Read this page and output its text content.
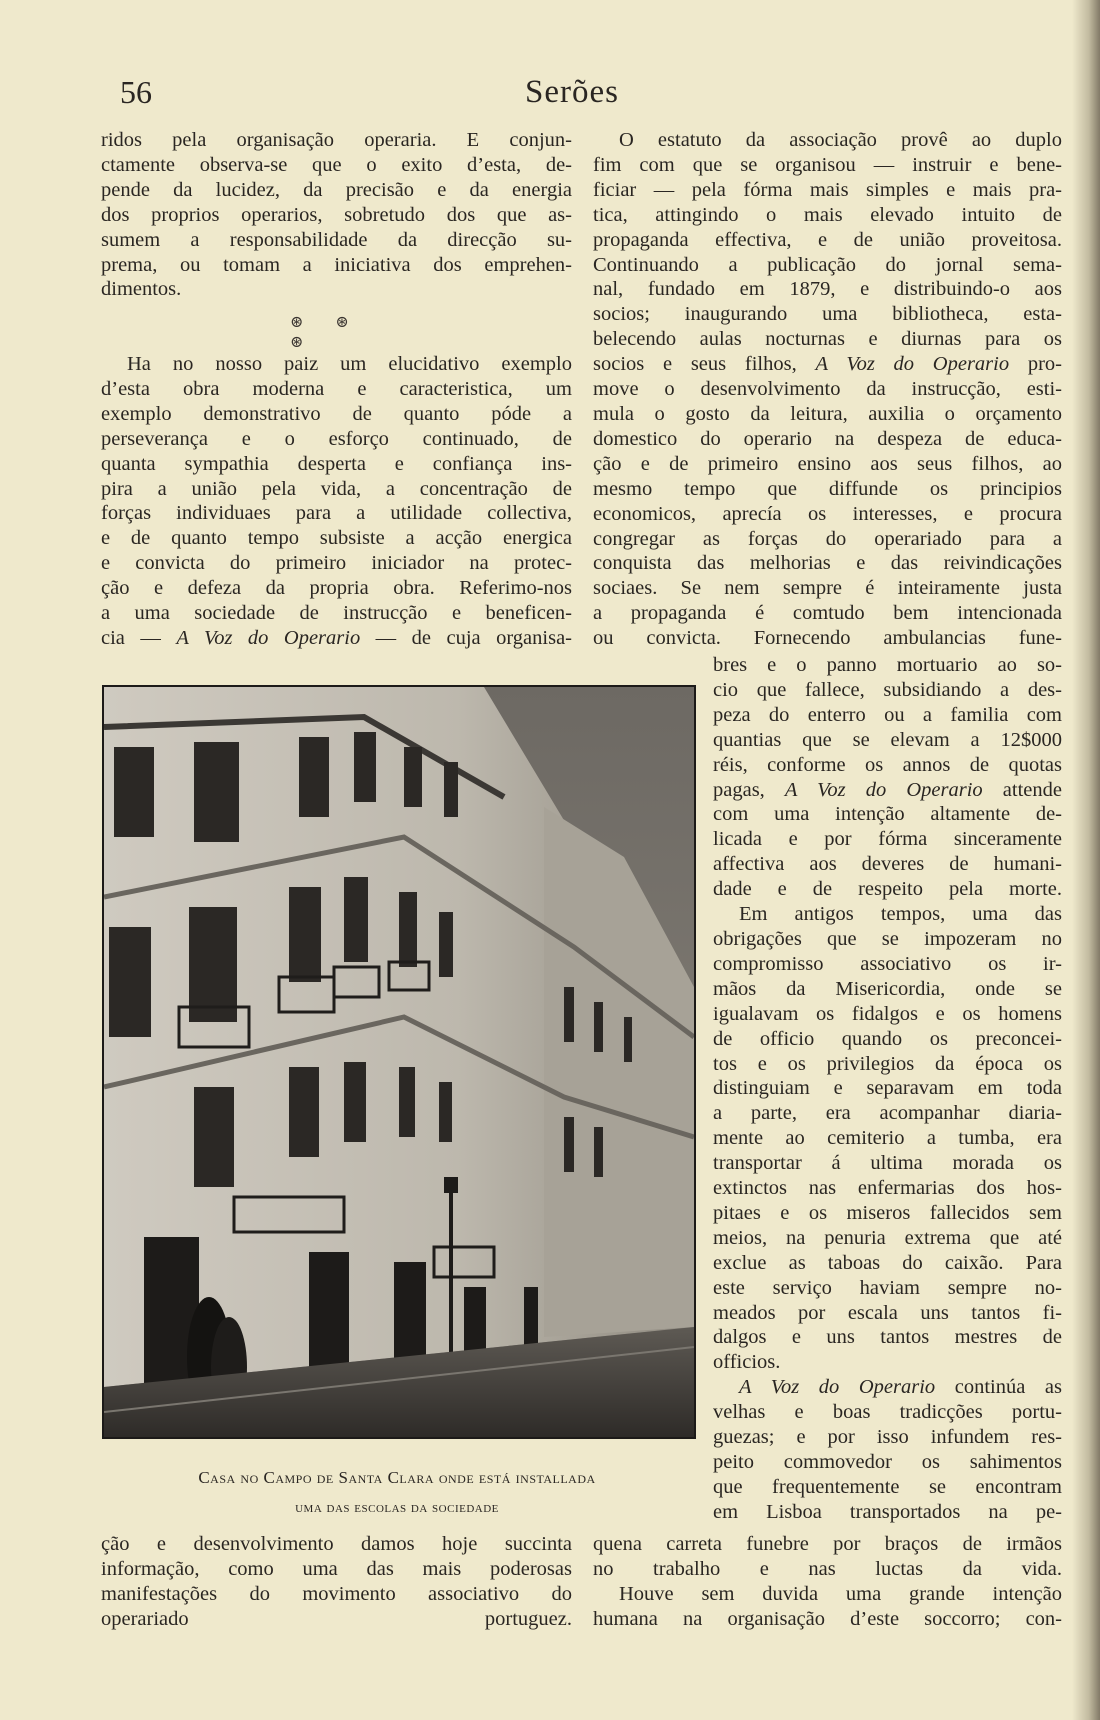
56	Serões

ridos pela organisação operaria. E conjun-
ctamente observa-se que o exito d’esta, de-
pende da lucidez, da precisão e da energia
dos proprios operarios, sobretudo dos que as-
sumem a responsabilidade da direcção su-
prema, ou tomam a iniciativa dos emprehen-
dimentos.

⊛ ⊛ ⊛

Ha no nosso paiz um elucidativo exemplo
d’esta obra moderna e caracteristica, um
exemplo demonstrativo de quanto póde a
perseverança e o esforço continuado, de
quanta sympathia desperta e confiança ins-
pira a união pela vida, a concentração de
forças individuaes para a utilidade collectiva,
e de quanto tempo subsiste a acção energica
e convicta do primeiro iniciador na protec-
ção e defeza da propria obra. Referimo-nos
a uma sociedade de instrucção e beneficen-
cia — A Voz do Operario — de cuja organisa-

Casa no Campo de Santa Clara onde está installada
uma das escolas da sociedade

ção e desenvolvimento damos hoje succinta
informação, como uma das mais poderosas
manifestações do movimento associativo do
operariado portuguez.

O estatuto da associação provê ao duplo
fim com que se organisou — instruir e bene-
ficiar — pela fórma mais simples e mais pra-
tica, attingindo o mais elevado intuito de
propaganda effectiva, e de união proveitosa.
Continuando a publicação do jornal sema-
nal, fundado em 1879, e distribuindo-o aos
socios; inaugurando uma bibliotheca, esta-
belecendo aulas nocturnas e diurnas para os
socios e seus filhos, A Voz do Operario pro-
move o desenvolvimento da instrucção, esti-
mula o gosto da leitura, auxilia o orçamento
domestico do operario na despeza de educa-
ção e de primeiro ensino aos seus filhos, ao
mesmo tempo que diffunde os principios
economicos, aprecía os interesses, e procura
congregar as forças do operariado para a
conquista das melhorias e das reivindicações
sociaes. Se nem sempre é inteiramente justa
a propaganda é comtudo bem intencionada
ou convicta. Fornecendo ambulancias fune-

bres e o panno mortuario ao so-
cio que fallece, subsidiando a des-
peza do enterro ou a familia com
quantias que se elevam a 12$000
réis, conforme os annos de quotas
pagas, A Voz do Operario attende
com uma intenção altamente de-
licada e por fórma sinceramente
affectiva aos deveres de humani-
dade e de respeito pela morte.

Em antigos tempos, uma das
obrigações que se impozeram no
compromisso associativo os ir-
mãos da Misericordia, onde se
igualavam os fidalgos e os homens
de officio quando os preconcei-
tos e os privilegios da época os
distinguiam e separavam em toda
a parte, era acompanhar diaria-
mente ao cemiterio a tumba, era
transportar á ultima morada os
extinctos nas enfermarias dos hos-
pitaes e os miseros fallecidos sem
meios, na penuria extrema que até
exclue as taboas do caixão. Para
este serviço haviam sempre no-
meados por escala uns tantos fi-
dalgos e uns tantos mestres de
officios.

A Voz do Operario continúa as
velhas e boas tradicções portu-
guezas; e por isso infundem res-
peito commovedor os sahimentos
que frequentemente se encontram
em Lisboa transportados na pe-

quena carreta funebre por braços de irmãos
no trabalho e nas luctas da vida.

Houve sem duvida uma grande intenção
humana na organisação d’este soccorro; con-
